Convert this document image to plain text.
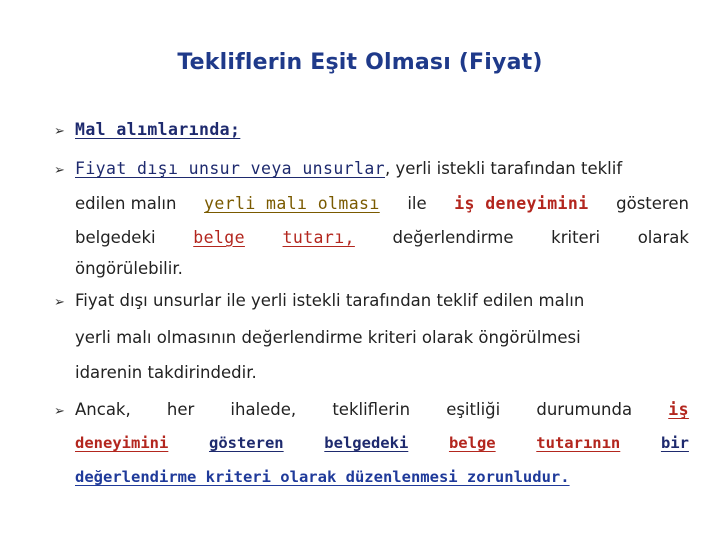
Tekliflerin Eşit Olması (Fiyat)
➢ Mal alımlarında;
➢ Fiyat dışı unsur veya unsurlar, yerli istekli tarafından teklif
edilen malın yerli malı olması ile iş deneyimini gösteren
belgedeki belge tutarı, değerlendirme kriteri olarak
öngörülebilir.
➢ Fiyat dışı unsurlar ile yerli istekli tarafından teklif edilen malın
yerli malı olmasının değerlendirme kriteri olarak öngörülmesi
idarenin takdirindedir.
➢ Ancak, her ihalede, tekliflerin eşitliği durumunda iş
deneyimini	gösteren	belgedeki	belge	tutarının	bir
değerlendirme kriteri olarak düzenlenmesi zorunludur.
